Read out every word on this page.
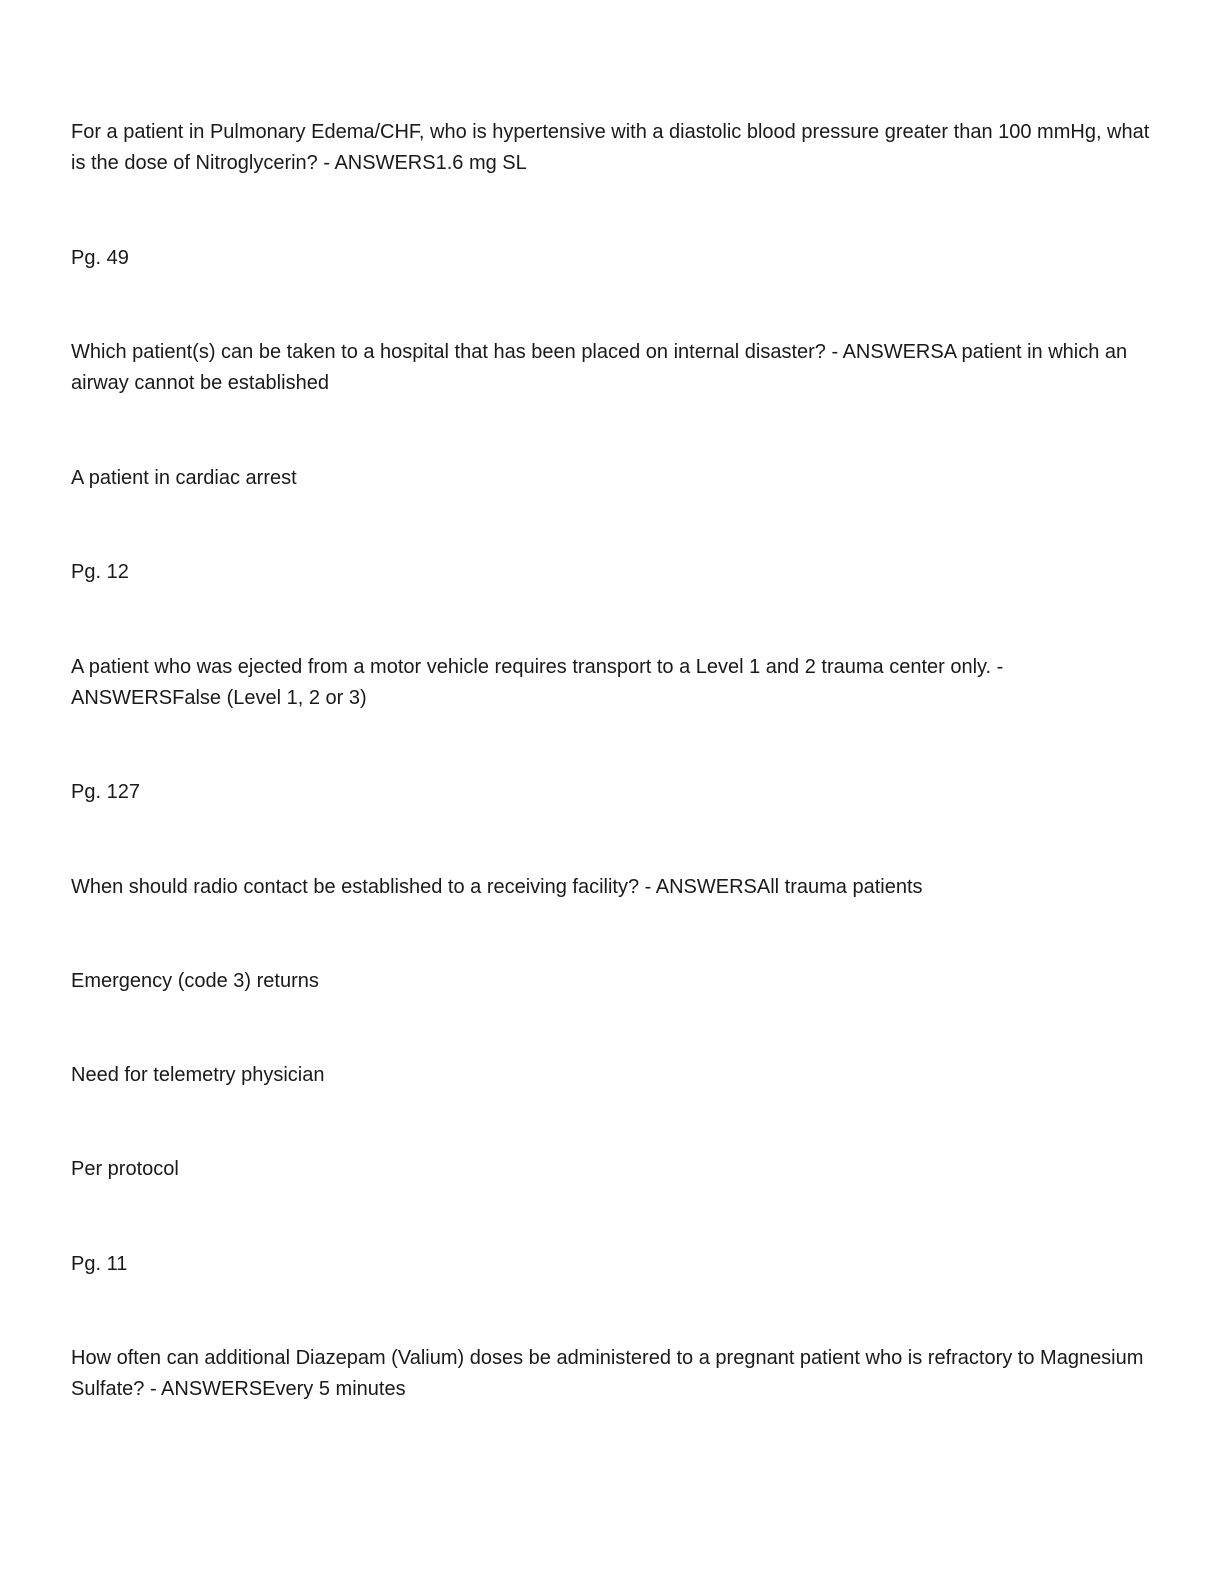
For a patient in Pulmonary Edema/CHF, who is hypertensive with a diastolic blood pressure greater than 100 mmHg, what is the dose of Nitroglycerin? - ANSWERS1.6 mg SL

Pg. 49

Which patient(s) can be taken to a hospital that has been placed on internal disaster? - ANSWERSA patient in which an airway cannot be established

A patient in cardiac arrest

Pg. 12

A patient who was ejected from a motor vehicle requires transport to a Level 1 and 2 trauma center only. - ANSWERSFalse (Level 1, 2 or 3)

Pg. 127

When should radio contact be established to a receiving facility? - ANSWERSAll trauma patients

Emergency (code 3) returns

Need for telemetry physician

Per protocol

Pg. 11

How often can additional Diazepam (Valium) doses be administered to a pregnant patient who is refractory to Magnesium Sulfate? - ANSWERSEvery 5 minutes
